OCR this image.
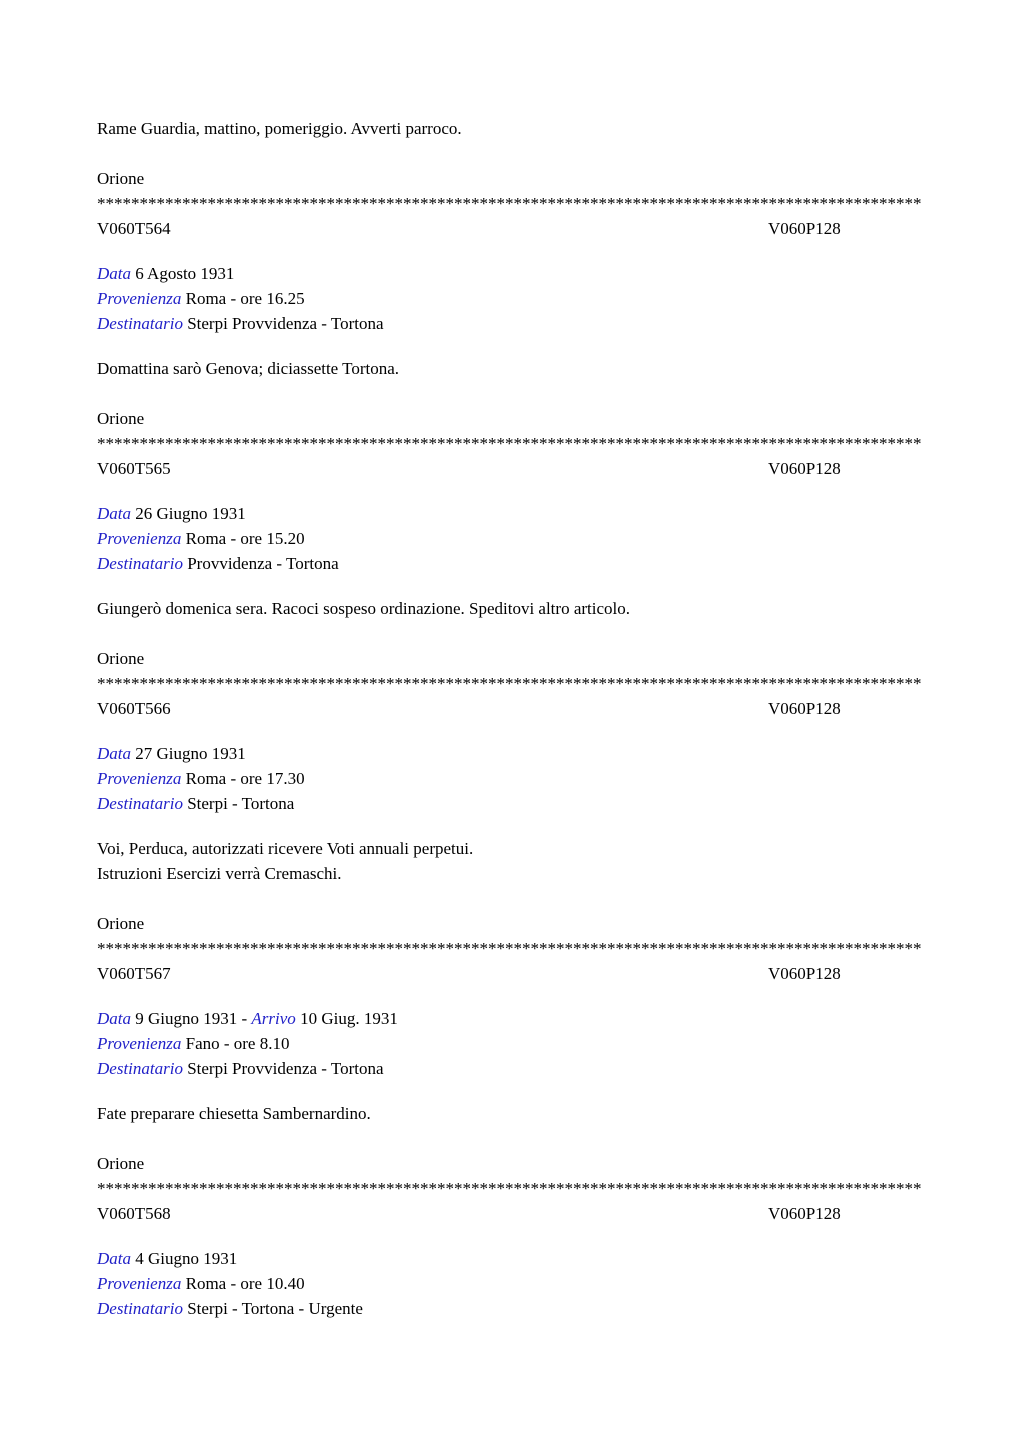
Rame Guardia, mattino, pomeriggio. Avverti parroco.
Orione
*************************************************************************************************
V060T564	V060P128
Data 6 Agosto 1931
Provenienza Roma - ore 16.25
Destinatario Sterpi Provvidenza - Tortona
Domattina sarò Genova; diciassette Tortona.
Orione
*************************************************************************************************
V060T565	V060P128
Data 26 Giugno 1931
Provenienza Roma - ore 15.20
Destinatario Provvidenza - Tortona
Giungerò domenica sera. Racoci sospeso ordinazione. Speditovi altro articolo.
Orione
*************************************************************************************************
V060T566	V060P128
Data 27 Giugno 1931
Provenienza Roma - ore 17.30
Destinatario Sterpi - Tortona
Voi, Perduca, autorizzati ricevere Voti annuali perpetui.
Istruzioni Esercizi verrà Cremaschi.
Orione
*************************************************************************************************
V060T567	V060P128
Data 9 Giugno 1931 - Arrivo 10 Giug. 1931
Provenienza Fano - ore 8.10
Destinatario Sterpi Provvidenza - Tortona
Fate preparare chiesetta Sambernardino.
Orione
*************************************************************************************************
V060T568	V060P128
Data 4 Giugno 1931
Provenienza Roma - ore 10.40
Destinatario Sterpi - Tortona - Urgente
